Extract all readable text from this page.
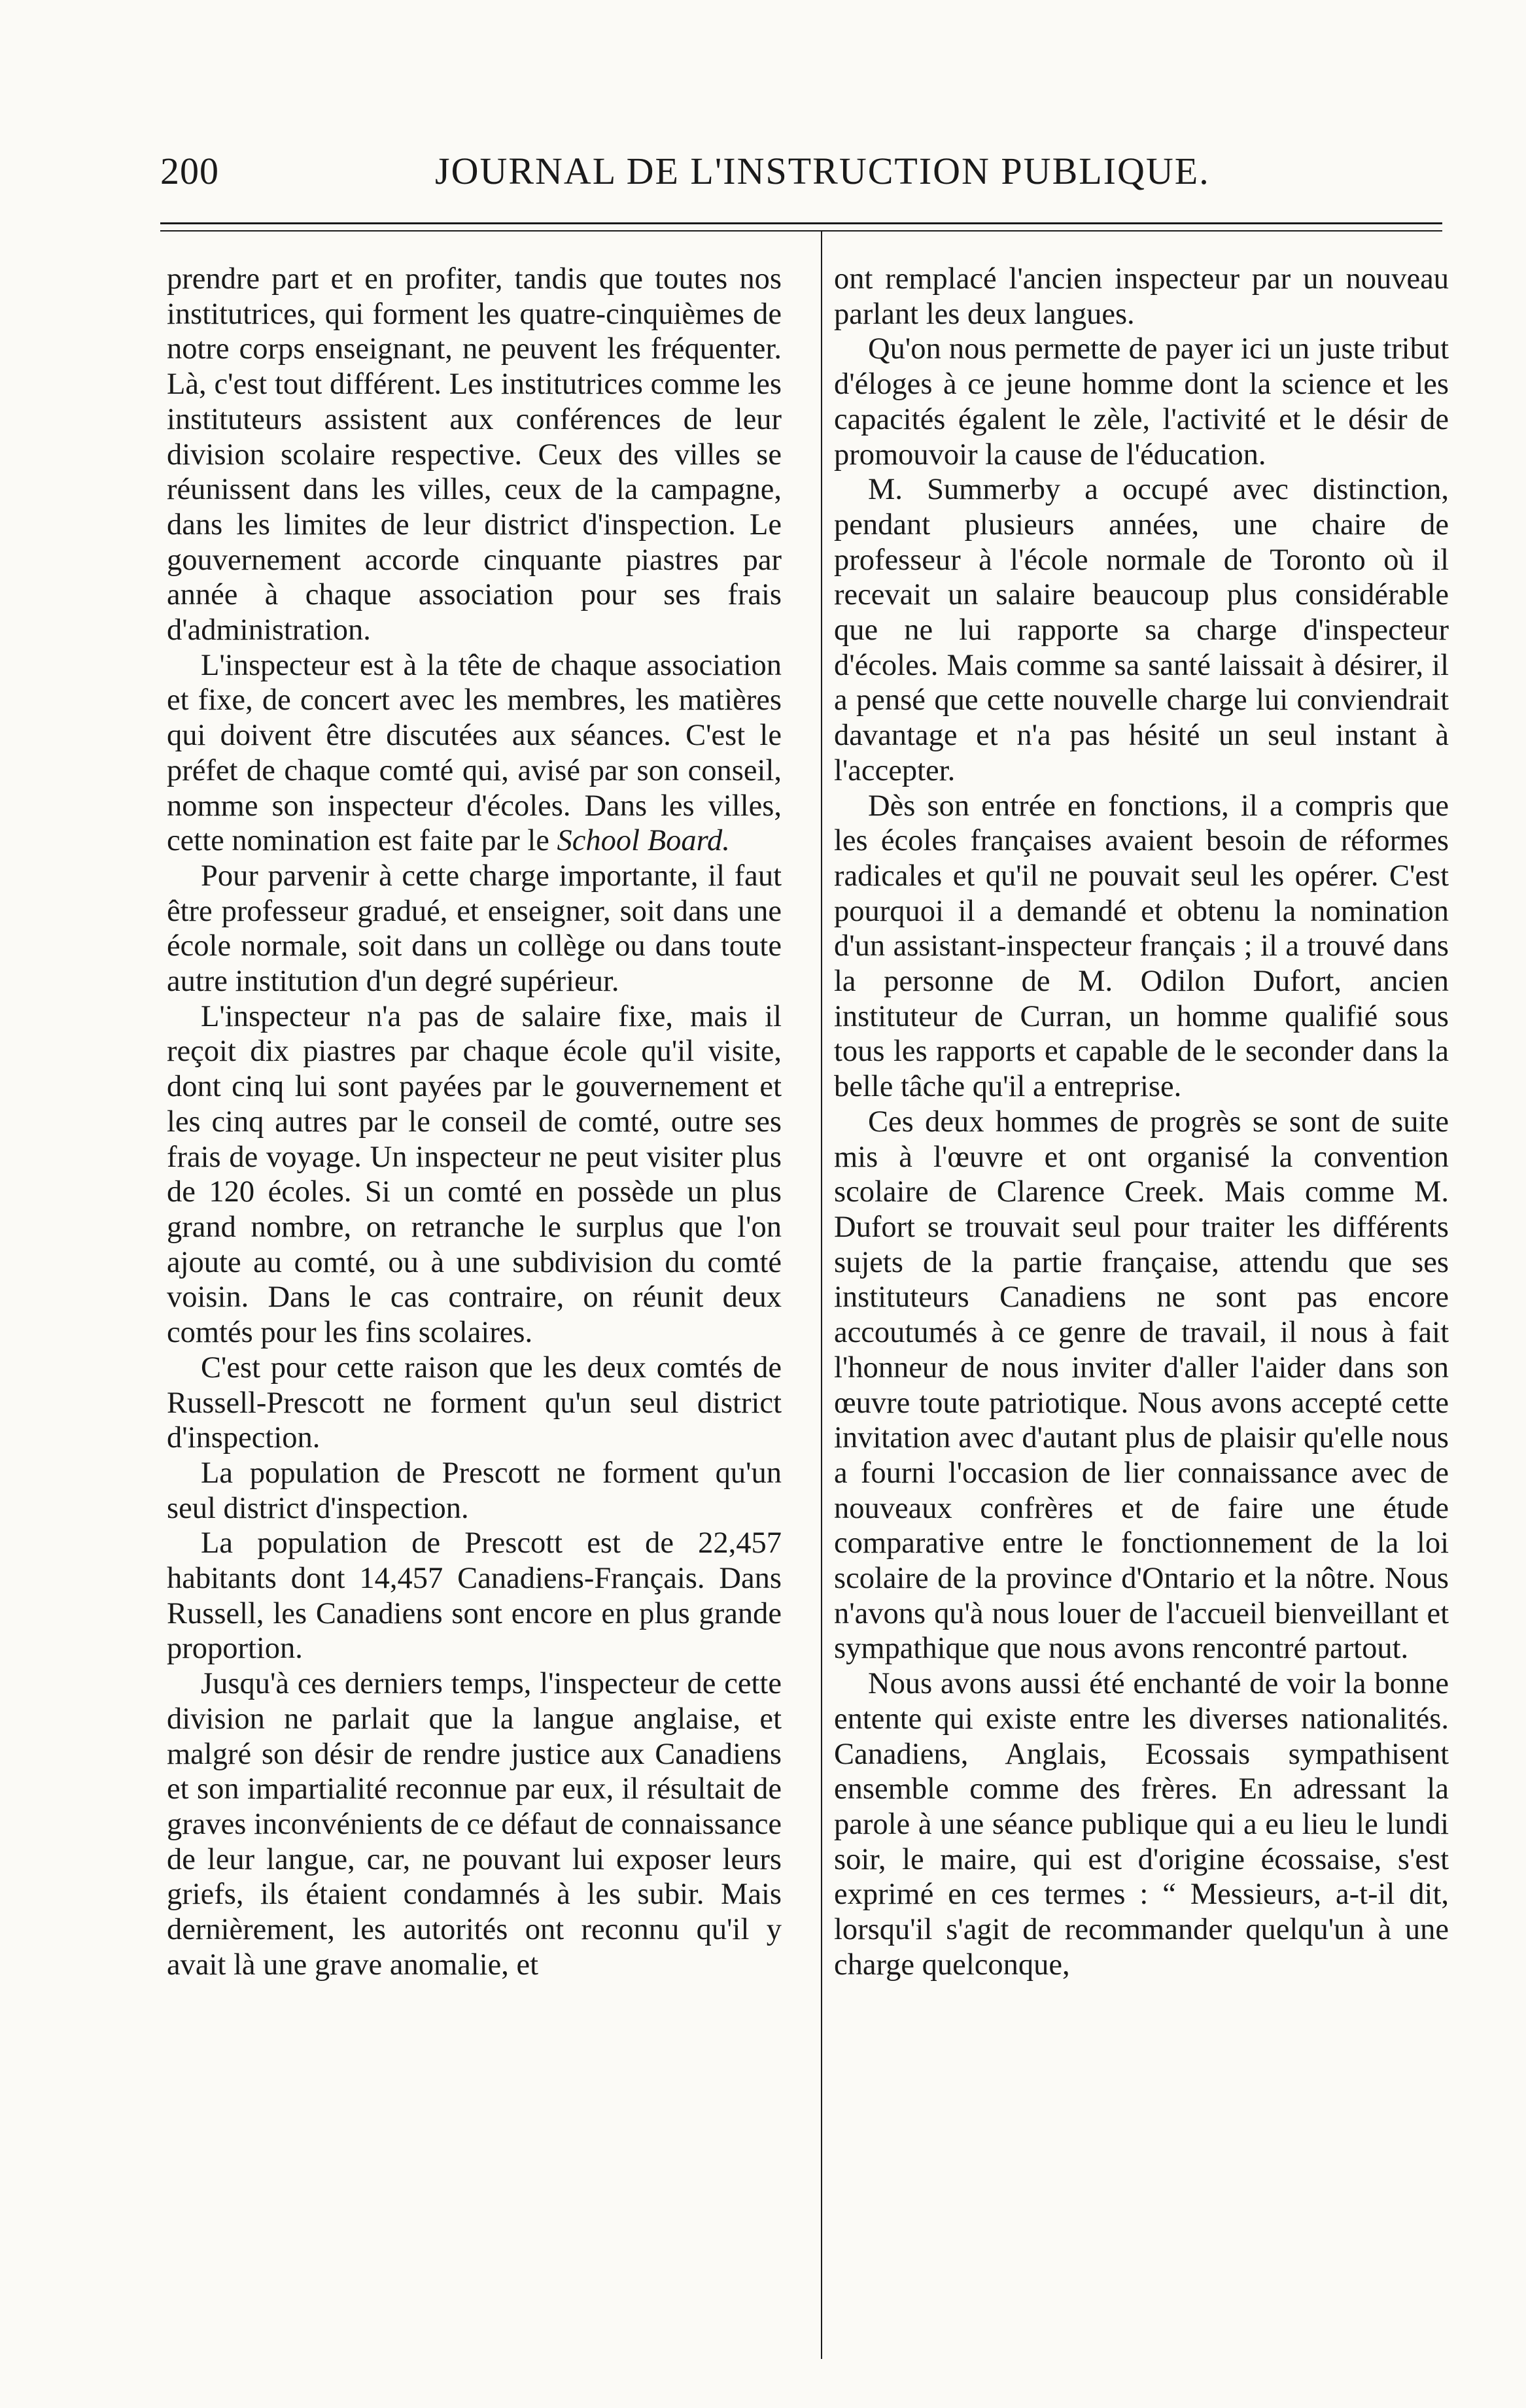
200	JOURNAL DE L'INSTRUCTION PUBLIQUE.

prendre part et en profiter, tandis que toutes nos institutrices, qui forment les quatre-cinquièmes de notre corps enseignant, ne peuvent les fréquenter. Là, c'est tout différent. Les institutrices comme les instituteurs assistent aux conférences de leur division scolaire respective. Ceux des villes se réunissent dans les villes, ceux de la campagne, dans les limites de leur district d'inspection. Le gouvernement accorde cinquante piastres par année à chaque association pour ses frais d'administration.

L'inspecteur est à la tête de chaque association et fixe, de concert avec les membres, les matières qui doivent être discutées aux séances. C'est le préfet de chaque comté qui, avisé par son conseil, nomme son inspecteur d'écoles. Dans les villes, cette nomination est faite par le School Board.

Pour parvenir à cette charge importante, il faut être professeur gradué, et enseigner, soit dans une école normale, soit dans un collège ou dans toute autre institution d'un degré supérieur.

L'inspecteur n'a pas de salaire fixe, mais il reçoit dix piastres par chaque école qu'il visite, dont cinq lui sont payées par le gouvernement et les cinq autres par le conseil de comté, outre ses frais de voyage. Un inspecteur ne peut visiter plus de 120 écoles. Si un comté en possède un plus grand nombre, on retranche le surplus que l'on ajoute au comté, ou à une subdivision du comté voisin. Dans le cas contraire, on réunit deux comtés pour les fins scolaires.

C'est pour cette raison que les deux comtés de Russell-Prescott ne forment qu'un seul district d'inspection.

La population de Prescott ne forment qu'un seul district d'inspection.

La population de Prescott est de 22,457 habitants dont 14,457 Canadiens-Français. Dans Russell, les Canadiens sont encore en plus grande proportion.

Jusqu'à ces derniers temps, l'inspecteur de cette division ne parlait que la langue anglaise, et malgré son désir de rendre justice aux Canadiens et son impartialité reconnue par eux, il résultait de graves inconvénients de ce défaut de connaissance de leur langue, car, ne pouvant lui exposer leurs griefs, ils étaient condamnés à les subir. Mais dernièrement, les autorités ont reconnu qu'il y avait là une grave anomalie, et

ont remplacé l'ancien inspecteur par un nouveau parlant les deux langues.

Qu'on nous permette de payer ici un juste tribut d'éloges à ce jeune homme dont la science et les capacités égalent le zèle, l'activité et le désir de promouvoir la cause de l'éducation.

M. Summerby a occupé avec distinction, pendant plusieurs années, une chaire de professeur à l'école normale de Toronto où il recevait un salaire beaucoup plus considérable que ne lui rapporte sa charge d'inspecteur d'écoles. Mais comme sa santé laissait à désirer, il a pensé que cette nouvelle charge lui conviendrait davantage et n'a pas hésité un seul instant à l'accepter.

Dès son entrée en fonctions, il a compris que les écoles françaises avaient besoin de réformes radicales et qu'il ne pouvait seul les opérer. C'est pourquoi il a demandé et obtenu la nomination d'un assistant-inspecteur français ; il a trouvé dans la personne de M. Odilon Dufort, ancien instituteur de Curran, un homme qualifié sous tous les rapports et capable de le seconder dans la belle tâche qu'il a entreprise.

Ces deux hommes de progrès se sont de suite mis à l'œuvre et ont organisé la convention scolaire de Clarence Creek. Mais comme M. Dufort se trouvait seul pour traiter les différents sujets de la partie française, attendu que ses instituteurs Canadiens ne sont pas encore accoutumés à ce genre de travail, il nous à fait l'honneur de nous inviter d'aller l'aider dans son œuvre toute patriotique. Nous avons accepté cette invitation avec d'autant plus de plaisir qu'elle nous a fourni l'occasion de lier connaissance avec de nouveaux confrères et de faire une étude comparative entre le fonctionnement de la loi scolaire de la province d'Ontario et la nôtre. Nous n'avons qu'à nous louer de l'accueil bienveillant et sympathique que nous avons rencontré partout.

Nous avons aussi été enchanté de voir la bonne entente qui existe entre les diverses nationalités. Canadiens, Anglais, Ecossais sympathisent ensemble comme des frères. En adressant la parole à une séance publique qui a eu lieu le lundi soir, le maire, qui est d'origine écossaise, s'est exprimé en ces termes : “ Messieurs, a-t-il dit, lorsqu'il s'agit de recommander quelqu'un à une charge quelconque,
